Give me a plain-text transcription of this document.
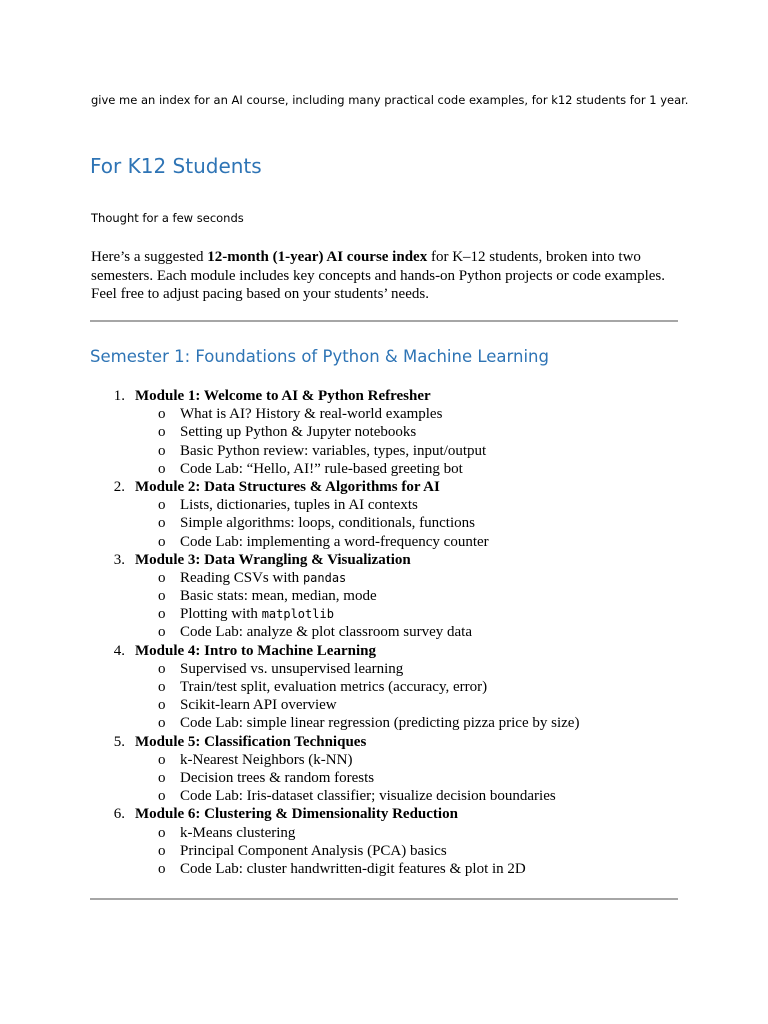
give me an index for an AI course, including many practical code examples, for k12 students for 1 year.
For K12 Students
Thought for a few seconds
Here’s a suggested 12-month (1-year) AI course index for K–12 students, broken into two semesters. Each module includes key concepts and hands-on Python projects or code examples. Feel free to adjust pacing based on your students’ needs.
Semester 1: Foundations of Python & Machine Learning
1. Module 1: Welcome to AI & Python Refresher
o What is AI? History & real-world examples
o Setting up Python & Jupyter notebooks
o Basic Python review: variables, types, input/output
o Code Lab: “Hello, AI!” rule-based greeting bot
2. Module 2: Data Structures & Algorithms for AI
o Lists, dictionaries, tuples in AI contexts
o Simple algorithms: loops, conditionals, functions
o Code Lab: implementing a word-frequency counter
3. Module 3: Data Wrangling & Visualization
o Reading CSVs with pandas
o Basic stats: mean, median, mode
o Plotting with matplotlib
o Code Lab: analyze & plot classroom survey data
4. Module 4: Intro to Machine Learning
o Supervised vs. unsupervised learning
o Train/test split, evaluation metrics (accuracy, error)
o Scikit-learn API overview
o Code Lab: simple linear regression (predicting pizza price by size)
5. Module 5: Classification Techniques
o k-Nearest Neighbors (k-NN)
o Decision trees & random forests
o Code Lab: Iris-dataset classifier; visualize decision boundaries
6. Module 6: Clustering & Dimensionality Reduction
o k-Means clustering
o Principal Component Analysis (PCA) basics
o Code Lab: cluster handwritten-digit features & plot in 2D
